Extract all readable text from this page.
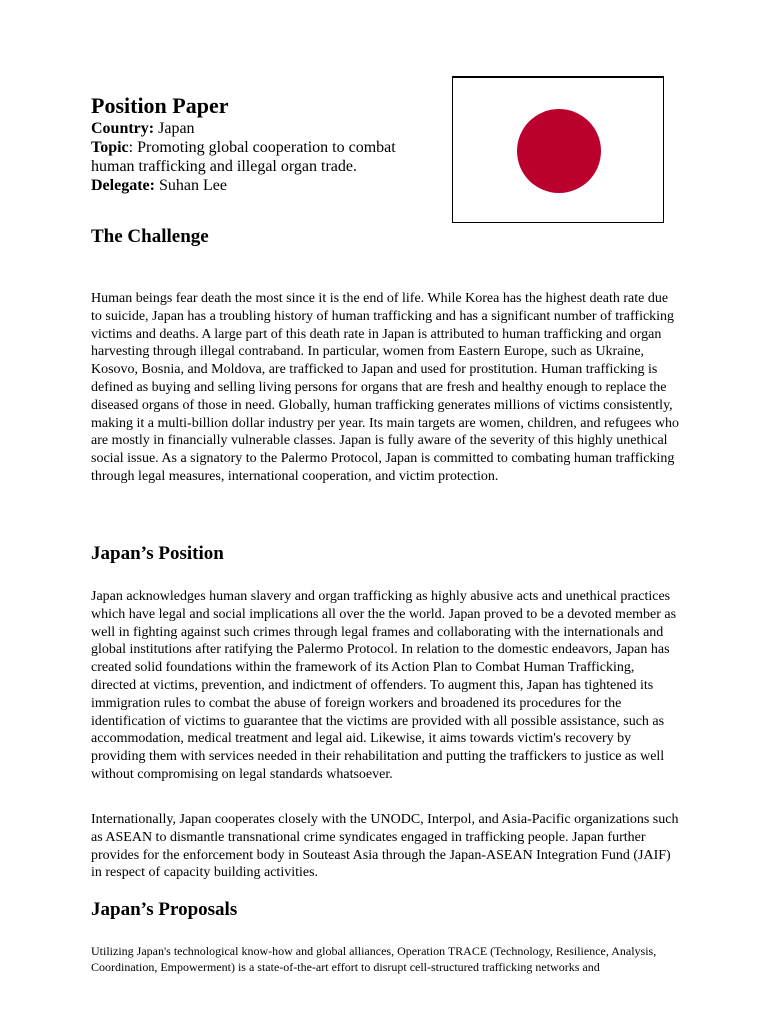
Position Paper

Country: Japan

Topic: Promoting global cooperation to combat human trafficking and illegal organ trade.

Delegate: Suhan Lee

The Challenge

Human beings fear death the most since it is the end of life. While Korea has the highest death rate due to suicide, Japan has a troubling history of human trafficking and has a significant number of trafficking victims and deaths. A large part of this death rate in Japan is attributed to human trafficking and organ harvesting through illegal contraband. In particular, women from Eastern Europe, such as Ukraine, Kosovo, Bosnia, and Moldova, are trafficked to Japan and used for prostitution. Human trafficking is defined as buying and selling living persons for organs that are fresh and healthy enough to replace the diseased organs of those in need. Globally, human trafficking generates millions of victims consistently, making it a multi-billion dollar industry per year. Its main targets are women, children, and refugees who are mostly in financially vulnerable classes. Japan is fully aware of the severity of this highly unethical social issue. As a signatory to the Palermo Protocol, Japan is committed to combating human trafficking through legal measures, international cooperation, and victim protection.

Japan’s Position

Japan acknowledges human slavery and organ trafficking as highly abusive acts and unethical practices which have legal and social implications all over the the world. Japan proved to be a devoted member as well in fighting against such crimes through legal frames and collaborating with the internationals and global institutions after ratifying the Palermo Protocol. In relation to the domestic endeavors, Japan has created solid foundations within the framework of its Action Plan to Combat Human Trafficking, directed at victims, prevention, and indictment of offenders. To augment this, Japan has tightened its immigration rules to combat the abuse of foreign workers and broadened its procedures for the identification of victims to guarantee that the victims are provided with all possible assistance, such as accommodation, medical treatment and legal aid. Likewise, it aims towards victim's recovery by providing them with services needed in their rehabilitation and putting the traffickers to justice as well without compromising on legal standards whatsoever.

Internationally, Japan cooperates closely with the UNODC, Interpol, and Asia-Pacific organizations such as ASEAN to dismantle transnational crime syndicates engaged in trafficking people. Japan further provides for the enforcement body in Souteast Asia through the Japan-ASEAN Integration Fund (JAIF) in respect of capacity building activities.

Japan’s Proposals

Utilizing Japan's technological know-how and global alliances, Operation TRACE (Technology, Resilience, Analysis, Coordination, Empowerment) is a state-of-the-art effort to disrupt cell-structured trafficking networks and
